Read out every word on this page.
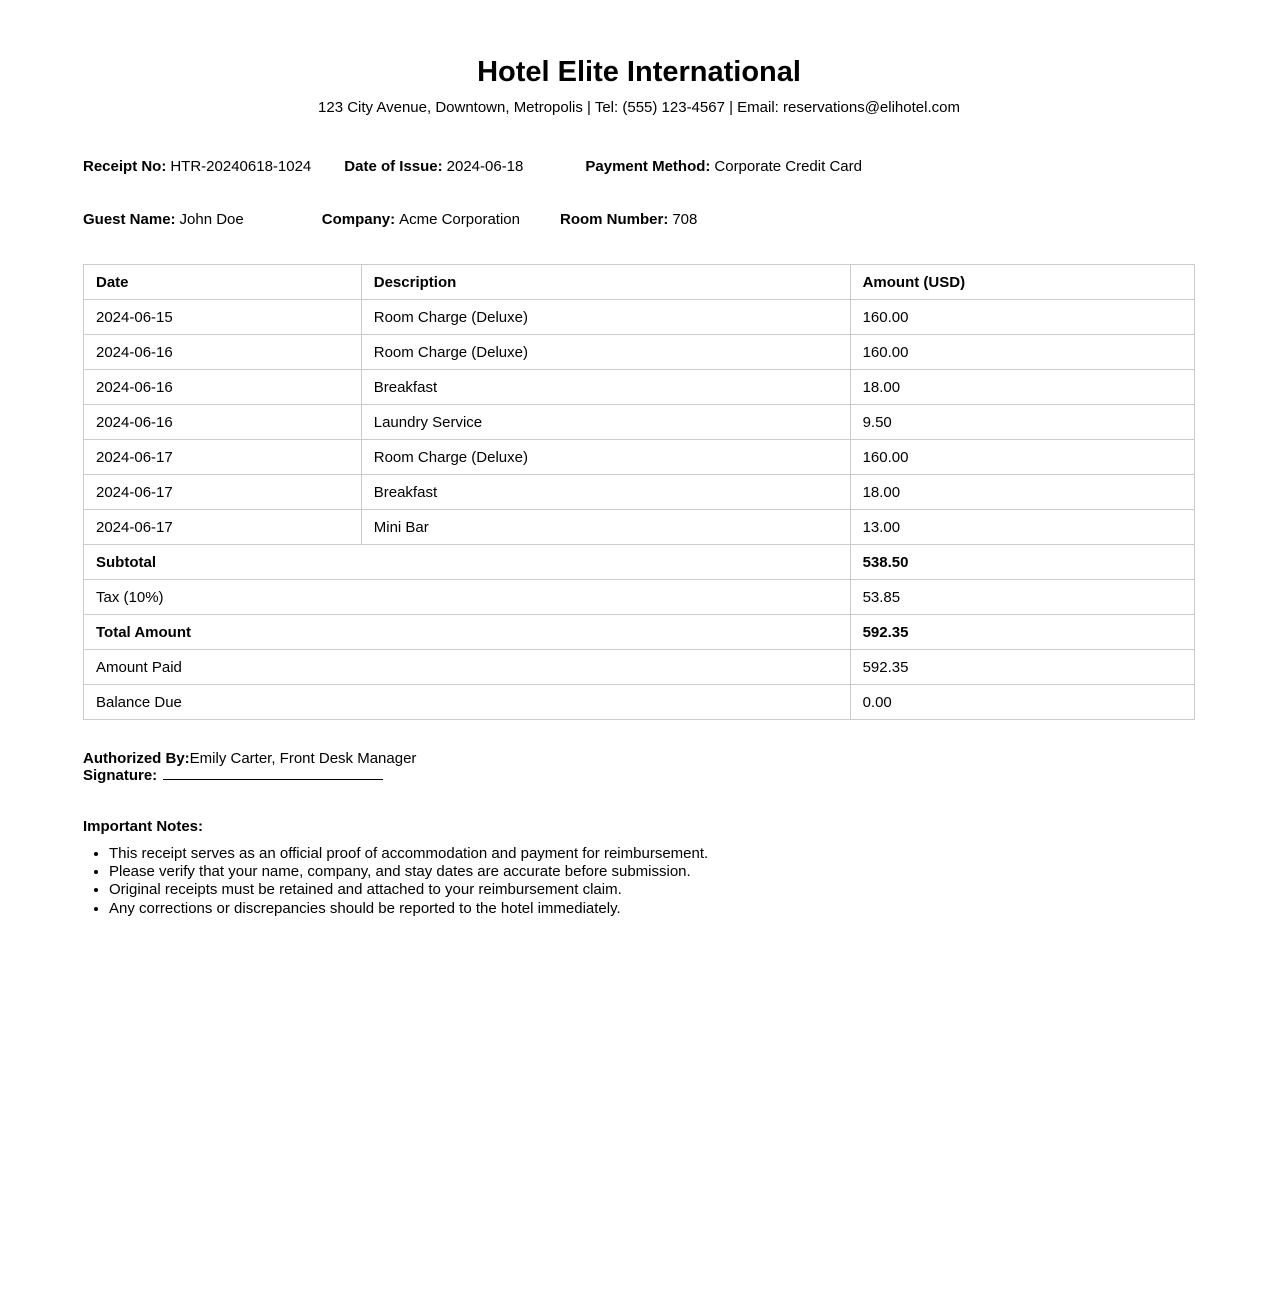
Hotel Elite International

123 City Avenue, Downtown, Metropolis | Tel: (555) 123-4567 | Email: reservations@elihotel.com

Receipt No: HTR-20240618-1024 Date of Issue: 2024-06-18	Payment Method: Corporate Credit Card
Guest Name: John Doe	Company: Acme Corporation	Room Number: 708
Date	Description	Amount (USD)
2024-06-15	Room Charge (Deluxe)	160.00
2024-06-16	Room Charge (Deluxe)	160.00
2024-06-16	Breakfast	18.00
2024-06-16	Laundry Service	9.50
2024-06-17	Room Charge (Deluxe)	160.00
2024-06-17	Breakfast	18.00
2024-06-17	Mini Bar	13.00
Subtotal		538.50
Tax (10%)		53.85
Total Amount		592.35
Amount Paid		592.35
Balance Due		0.00

Authorized By:Emily Carter, Front Desk Manager

Signature:

Important Notes:
• This receipt serves as an official proof of accommodation and payment for reimbursement.
• Please verify that your name, company, and stay dates are accurate before submission.
• Original receipts must be retained and attached to your reimbursement claim.
• Any corrections or discrepancies should be reported to the hotel immediately.
